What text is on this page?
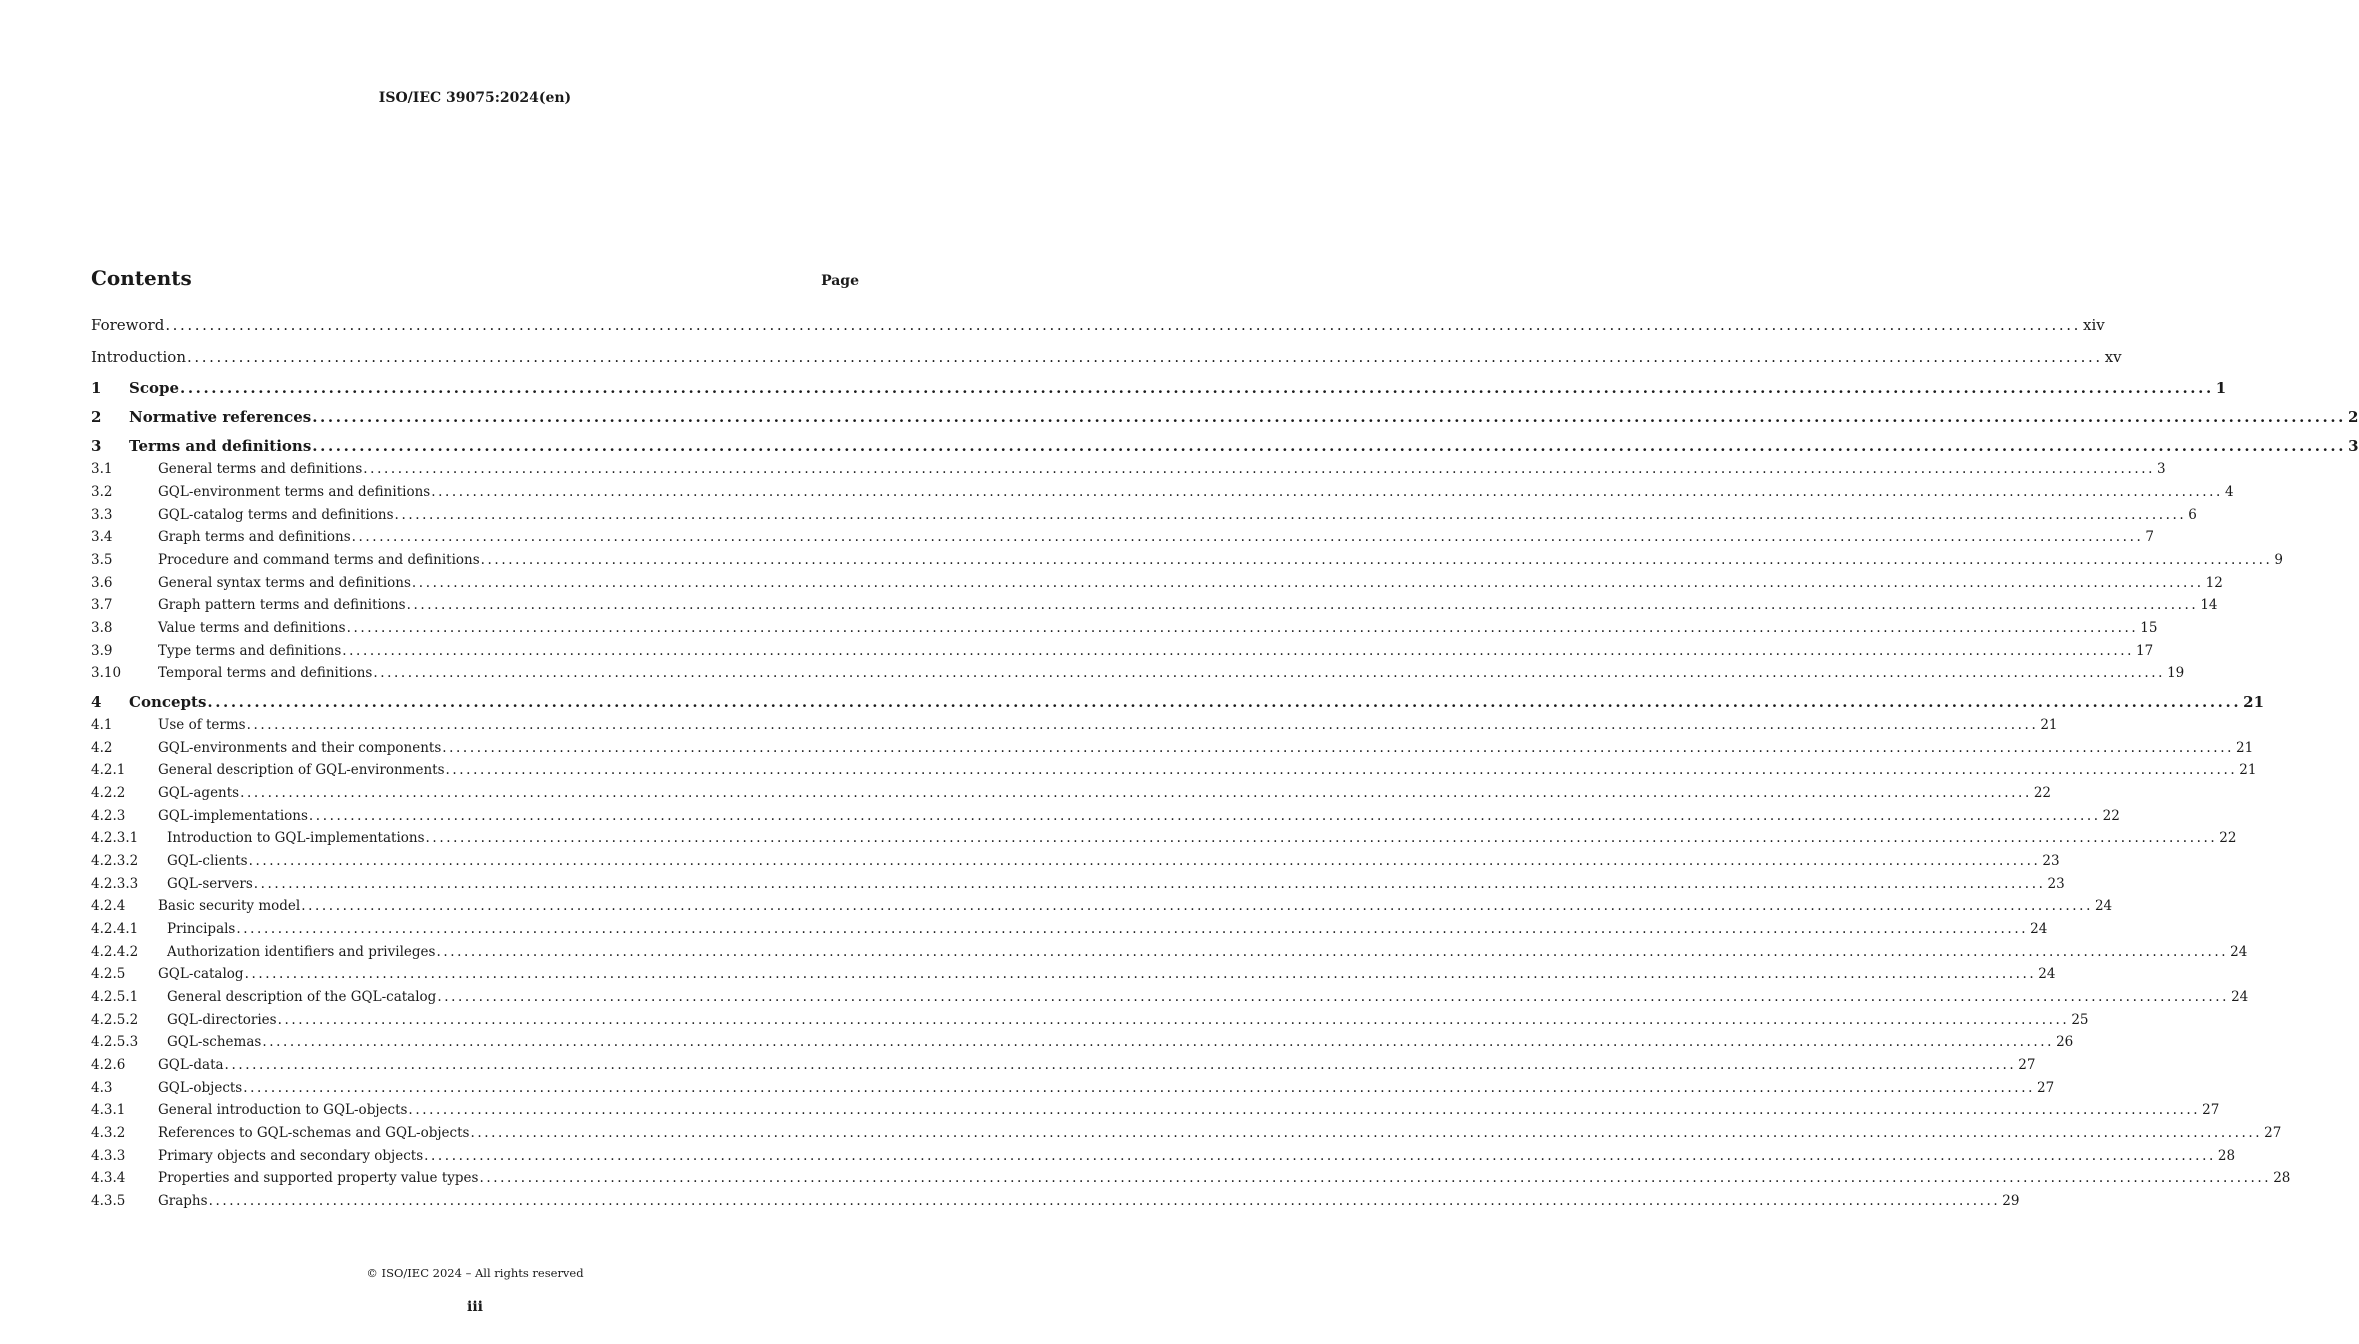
ISO/IEC 39075:2024(en)
Contents	Page
Foreword .................................................................................................................................................................................................................................................................... xiv
Introduction .................................................................................................................................................................................................................................................................... xv
1	Scope .................................................................................................................................................................................................................................................................... 1
2	Normative references .................................................................................................................................................................................................................................................................... 2
3	Terms and definitions .................................................................................................................................................................................................................................................................... 3
3.1	General terms and definitions .................................................................................................................................................................................................................................................................... 3
3.2	GQL-environment terms and definitions .................................................................................................................................................................................................................................................................... 4
3.3	GQL-catalog terms and definitions .................................................................................................................................................................................................................................................................... 6
3.4	Graph terms and definitions .................................................................................................................................................................................................................................................................... 7
3.5	Procedure and command terms and definitions .................................................................................................................................................................................................................................................................... 9
3.6	General syntax terms and definitions .................................................................................................................................................................................................................................................................... 12
3.7	Graph pattern terms and definitions .................................................................................................................................................................................................................................................................... 14
3.8	Value terms and definitions .................................................................................................................................................................................................................................................................... 15
3.9	Type terms and definitions .................................................................................................................................................................................................................................................................... 17
3.10	Temporal terms and definitions .................................................................................................................................................................................................................................................................... 19
4	Concepts .................................................................................................................................................................................................................................................................... 21
4.1	Use of terms .................................................................................................................................................................................................................................................................... 21
4.2	GQL-environments and their components .................................................................................................................................................................................................................................................................... 21
4.2.1	General description of GQL-environments .................................................................................................................................................................................................................................................................... 21
4.2.2	GQL-agents .................................................................................................................................................................................................................................................................... 22
4.2.3	GQL-implementations .................................................................................................................................................................................................................................................................... 22
4.2.3.1	Introduction to GQL-implementations .................................................................................................................................................................................................................................................................... 22
4.2.3.2	GQL-clients .................................................................................................................................................................................................................................................................... 23
4.2.3.3	GQL-servers .................................................................................................................................................................................................................................................................... 23
4.2.4	Basic security model .................................................................................................................................................................................................................................................................... 24
4.2.4.1	Principals .................................................................................................................................................................................................................................................................... 24
4.2.4.2	Authorization identifiers and privileges .................................................................................................................................................................................................................................................................... 24
4.2.5	GQL-catalog .................................................................................................................................................................................................................................................................... 24
4.2.5.1	General description of the GQL-catalog .................................................................................................................................................................................................................................................................... 24
4.2.5.2	GQL-directories .................................................................................................................................................................................................................................................................... 25
4.2.5.3	GQL-schemas .................................................................................................................................................................................................................................................................... 26
4.2.6	GQL-data .................................................................................................................................................................................................................................................................... 27
4.3	GQL-objects .................................................................................................................................................................................................................................................................... 27
4.3.1	General introduction to GQL-objects .................................................................................................................................................................................................................................................................... 27
4.3.2	References to GQL-schemas and GQL-objects .................................................................................................................................................................................................................................................................... 27
4.3.3	Primary objects and secondary objects .................................................................................................................................................................................................................................................................... 28
4.3.4	Properties and supported property value types .................................................................................................................................................................................................................................................................... 28
4.3.5	Graphs .................................................................................................................................................................................................................................................................... 29
© ISO/IEC 2024 – All rights reserved
iii
